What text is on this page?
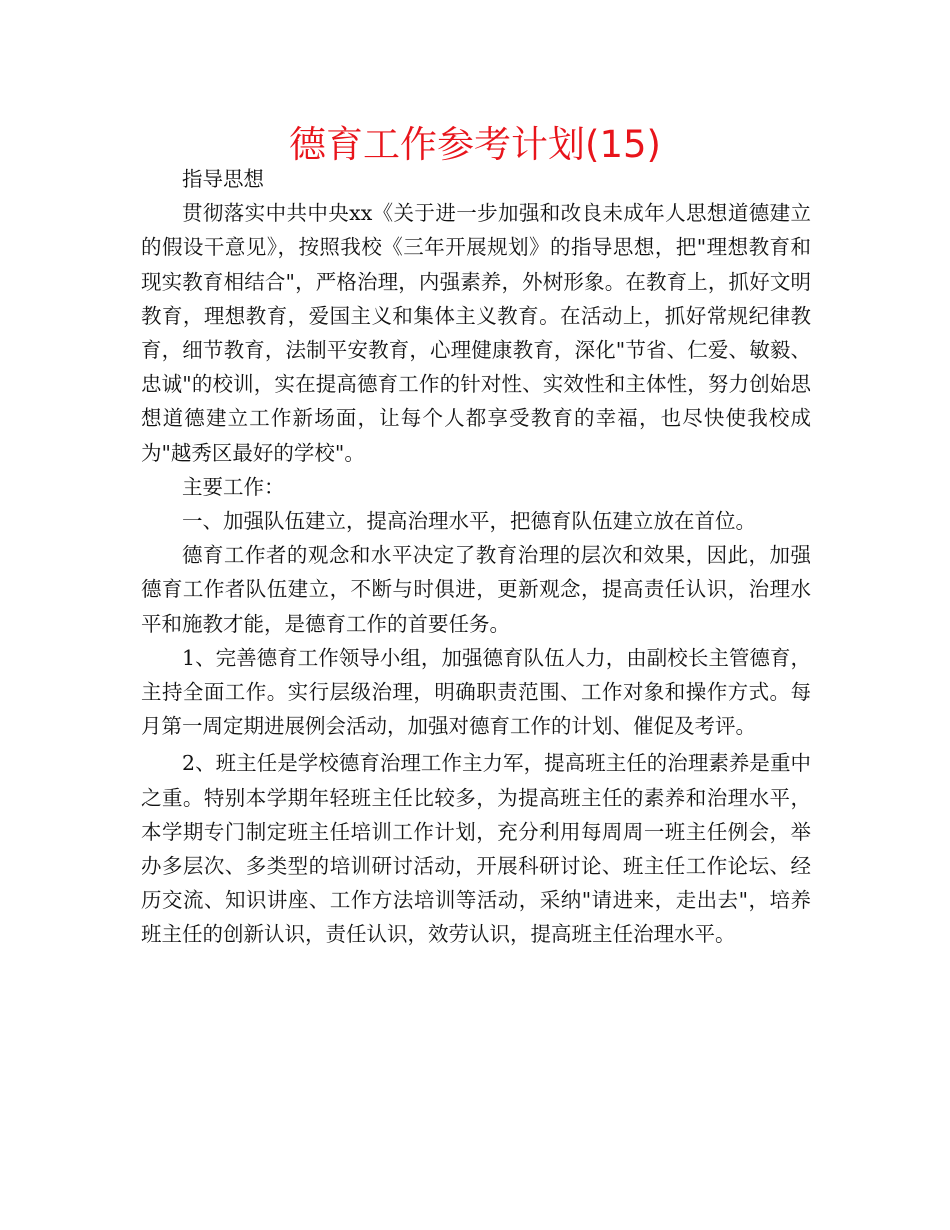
德育工作参考计划(15)

指导思想

贯彻落实中共中央xx《关于进一步加强和改良未成年人思想道德建立的假设干意见》，按照我校《三年开展规划》的指导思想，把"理想教育和现实教育相结合"，严格治理，内强素养，外树形象。在教育上，抓好文明教育，理想教育，爱国主义和集体主义教育。在活动上，抓好常规纪律教育，细节教育，法制平安教育，心理健康教育，深化"节省、仁爱、敏毅、忠诚"的校训，实在提高德育工作的针对性、实效性和主体性，努力创始思想道德建立工作新场面，让每个人都享受教育的幸福，也尽快使我校成为"越秀区最好的学校"。

主要工作：

一、加强队伍建立，提高治理水平，把德育队伍建立放在首位。

德育工作者的观念和水平决定了教育治理的层次和效果，因此，加强德育工作者队伍建立，不断与时俱进，更新观念，提高责任认识，治理水平和施教才能，是德育工作的首要任务。

1、完善德育工作领导小组，加强德育队伍人力，由副校长主管德育，主持全面工作。实行层级治理，明确职责范围、工作对象和操作方式。每月第一周定期进展例会活动，加强对德育工作的计划、催促及考评。

2、班主任是学校德育治理工作主力军，提高班主任的治理素养是重中之重。特别本学期年轻班主任比较多，为提高班主任的素养和治理水平，本学期专门制定班主任培训工作计划，充分利用每周周一班主任例会，举办多层次、多类型的培训研讨活动，开展科研讨论、班主任工作论坛、经历交流、知识讲座、工作方法培训等活动，采纳"请进来，走出去"，培养班主任的创新认识，责任认识，效劳认识，提高班主任治理水平。
